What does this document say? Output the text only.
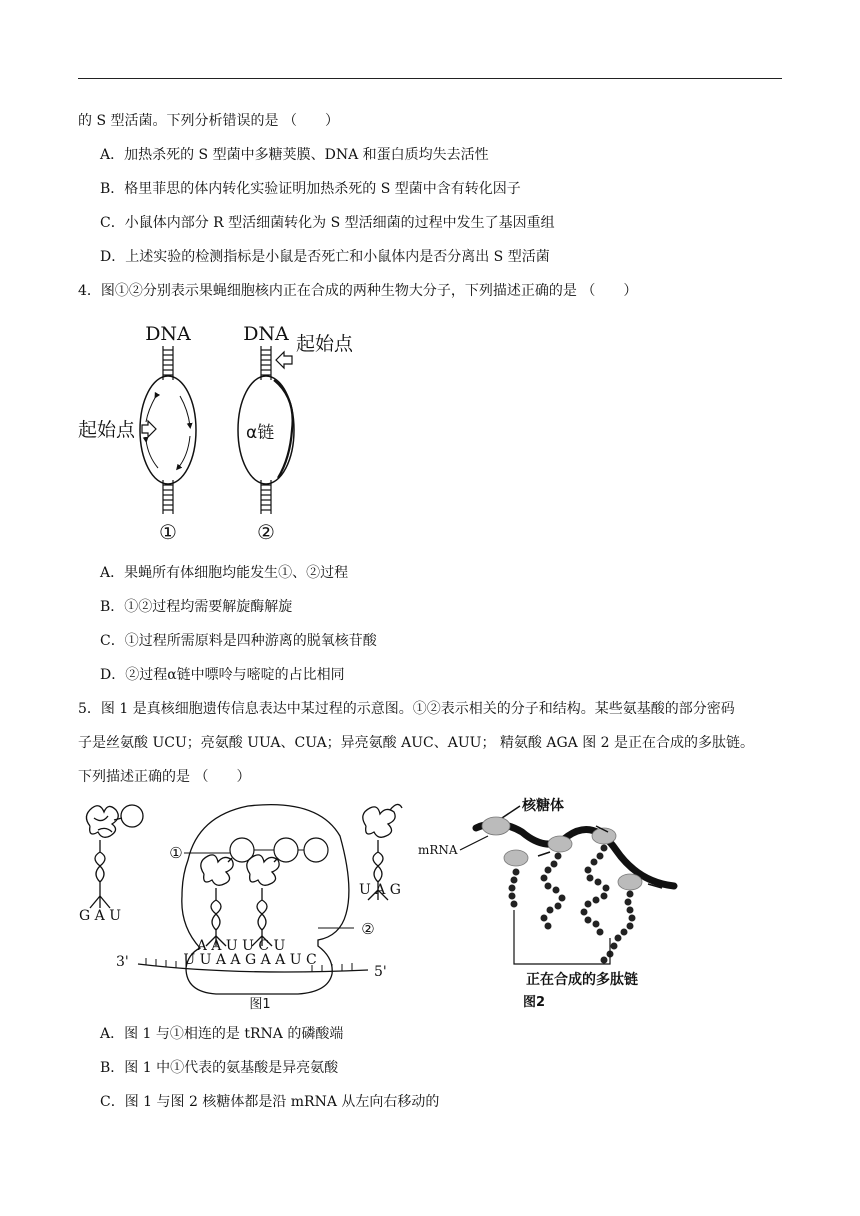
的 S 型活菌。下列分析错误的是 （　　）
A．加热杀死的 S 型菌中多糖荚膜、DNA 和蛋白质均失去活性
B．格里菲思的体内转化实验证明加热杀死的 S 型菌中含有转化因子
C．小鼠体内部分 R 型活细菌转化为 S 型活细菌的过程中发生了基因重组
D．上述实验的检测指标是小鼠是否死亡和小鼠体内是否分离出 S 型活菌
4．图①②分别表示果蝇细胞核内正在合成的两种生物大分子，下列描述正确的是 （　　）
DNA
起始点
①
DNA
α链
起始点
②
A．果蝇所有体细胞均能发生①、②过程
B．①②过程均需要解旋酶解旋
C．①过程所需原料是四种游离的脱氧核苷酸
D．②过程α链中嘌呤与嘧啶的占比相同
5．图 1 是真核细胞遗传信息表达中某过程的示意图。①②表示相关的分子和结构。某些氨基酸的部分密码
子是丝氨酸 UCU；亮氨酸 UUA、CUA；异亮氨酸 AUC、AUU； 精氨酸 AGA 图 2 是正在合成的多肽链。
下列描述正确的是 （　　）
G A U
①
A A U U C U
②
U A G
3'	U U A A G A A U C
5'
图1
核糖体
mRNA
正在合成的多肽链
图2
A．图 1 与①相连的是 tRNA 的磷酸端
B．图 1 中①代表的氨基酸是异亮氨酸
C．图 1 与图 2 核糖体都是沿 mRNA 从左向右移动的
